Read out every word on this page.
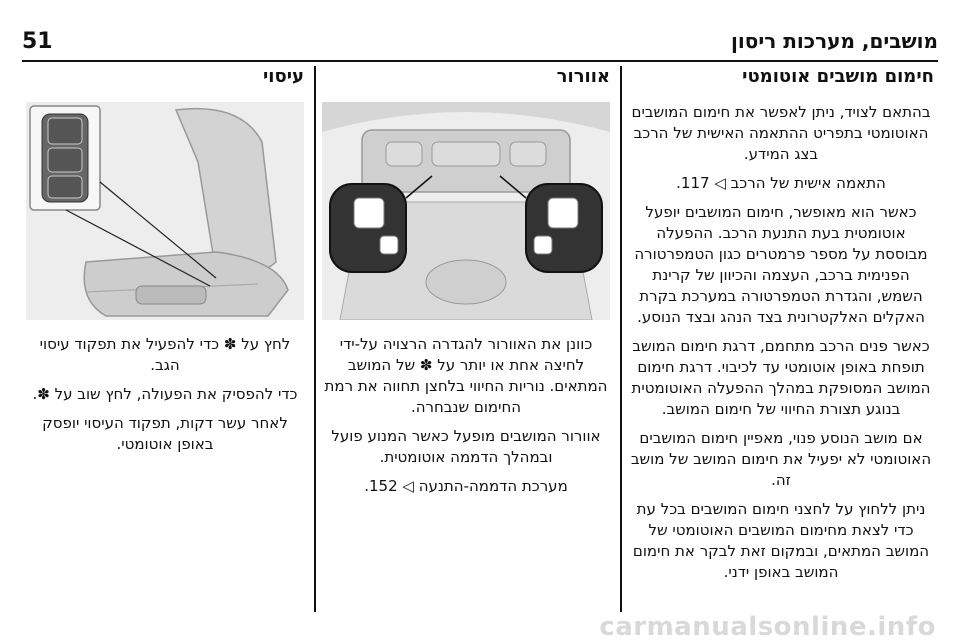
51	מושבים, מערכות ריסון
חימום מושבים אוטומטי

בהתאם לצויד, ניתן לאפשר את חימום המושבים האוטומטי בתפריט ההתאמה האישית של הרכב בצג המידע.

התאמה אישית של הרכב ◁ 117.

כאשר הוא מאופשר, חימום המושבים יופעל אוטומטית בעת התנעת הרכב. ההפעלה מבוססת על מספר פרמטרים כגון הטמפרטורה הפנימית ברכב, העצמה והכיוון של קרינת השמש, והגדרת הטמפרטורה במערכת בקרת האקלים האלקטרונית בצד הנהג ובצד הנוסע.

כאשר פנים הרכב מתחמם, דרגת חימום המושב תופחת באופן אוטומטי עד לכיבוי. דרגת חימום המושב המסופקת במהלך ההפעלה האוטומטית בנוגע תצורת החיווי של חימום המושב.

אם מושב הנוסע פנוי, מאפיין חימום המושבים האוטומטי לא יפעיל את חימום המושב של מושב זה.

ניתן ללחוץ על לחצני חימום המושבים בכל עת כדי לצאת מחימום המושבים האוטומטי של המושב המתאים, ובמקום זאת לבקר את חימום המושב באופן ידני.

אוורור

כוונן את האוורור להגדרה הרצויה על-ידי לחיצה אחת או יותר על ✽ של המושב המתאים. נוריות החיווי בלחצן תחווה את רמת החימום שנבחרה.

אוורור המושבים מופעל כאשר המנוע פועל ובמהלך הדממה אוטומטית.

מערכת הדממה-התנעה ◁ 152.

עיסוי

לחץ על ✽ כדי להפעיל את תפקוד עיסוי הגב.

כדי להפסיק את הפעולה, לחץ שוב על ✽.

לאחר עשר דקות, תפקוד העיסוי יופסק באופן אוטומטי.

carmanualsonline.info
